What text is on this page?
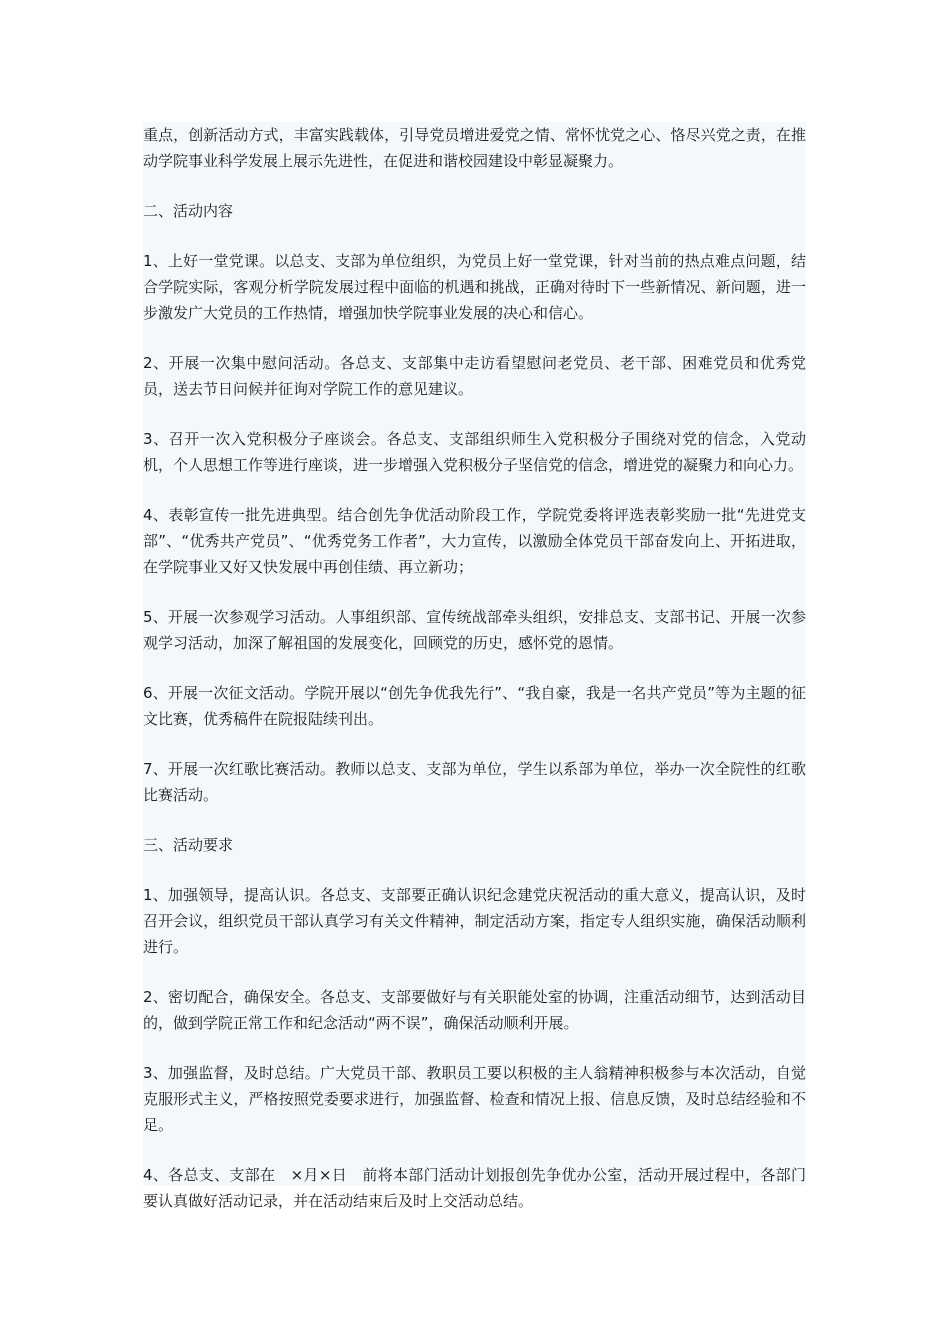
重点，创新活动方式，丰富实践载体，引导党员增进爱党之情、常怀忧党之心、恪尽兴党之责，在推动学院事业科学发展上展示先进性，在促进和谐校园建设中彰显凝聚力。

二、活动内容

1、上好一堂党课。以总支、支部为单位组织，为党员上好一堂党课，针对当前的热点难点问题，结合学院实际，客观分析学院发展过程中面临的机遇和挑战，正确对待时下一些新情况、新问题，进一步激发广大党员的工作热情，增强加快学院事业发展的决心和信心。

2、开展一次集中慰问活动。各总支、支部集中走访看望慰问老党员、老干部、困难党员和优秀党员，送去节日问候并征询对学院工作的意见建议。

3、召开一次入党积极分子座谈会。各总支、支部组织师生入党积极分子围绕对党的信念，入党动机，个人思想工作等进行座谈，进一步增强入党积极分子坚信党的信念，增进党的凝聚力和向心力。

4、表彰宣传一批先进典型。结合创先争优活动阶段工作，学院党委将评选表彰奖励一批“先进党支部”、“优秀共产党员”、“优秀党务工作者”，大力宣传，以激励全体党员干部奋发向上、开拓进取，在学院事业又好又快发展中再创佳绩、再立新功；

5、开展一次参观学习活动。人事组织部、宣传统战部牵头组织，安排总支、支部书记、开展一次参观学习活动，加深了解祖国的发展变化，回顾党的历史，感怀党的恩情。

6、开展一次征文活动。学院开展以“创先争优我先行”、“我自豪，我是一名共产党员”等为主题的征文比赛，优秀稿件在院报陆续刊出。

7、开展一次红歌比赛活动。教师以总支、支部为单位，学生以系部为单位，举办一次全院性的红歌比赛活动。

三、活动要求

1、加强领导，提高认识。各总支、支部要正确认识纪念建党庆祝活动的重大意义，提高认识，及时召开会议，组织党员干部认真学习有关文件精神，制定活动方案，指定专人组织实施，确保活动顺利进行。

2、密切配合，确保安全。各总支、支部要做好与有关职能处室的协调，注重活动细节，达到活动目的，做到学院正常工作和纪念活动“两不误”，确保活动顺利开展。

3、加强监督，及时总结。广大党员干部、教职员工要以积极的主人翁精神积极参与本次活动，自觉克服形式主义，严格按照党委要求进行，加强监督、检查和情况上报、信息反馈，及时总结经验和不足。

4、各总支、支部在　×月×日　前将本部门活动计划报创先争优办公室，活动开展过程中，各部门要认真做好活动记录，并在活动结束后及时上交活动总结。
